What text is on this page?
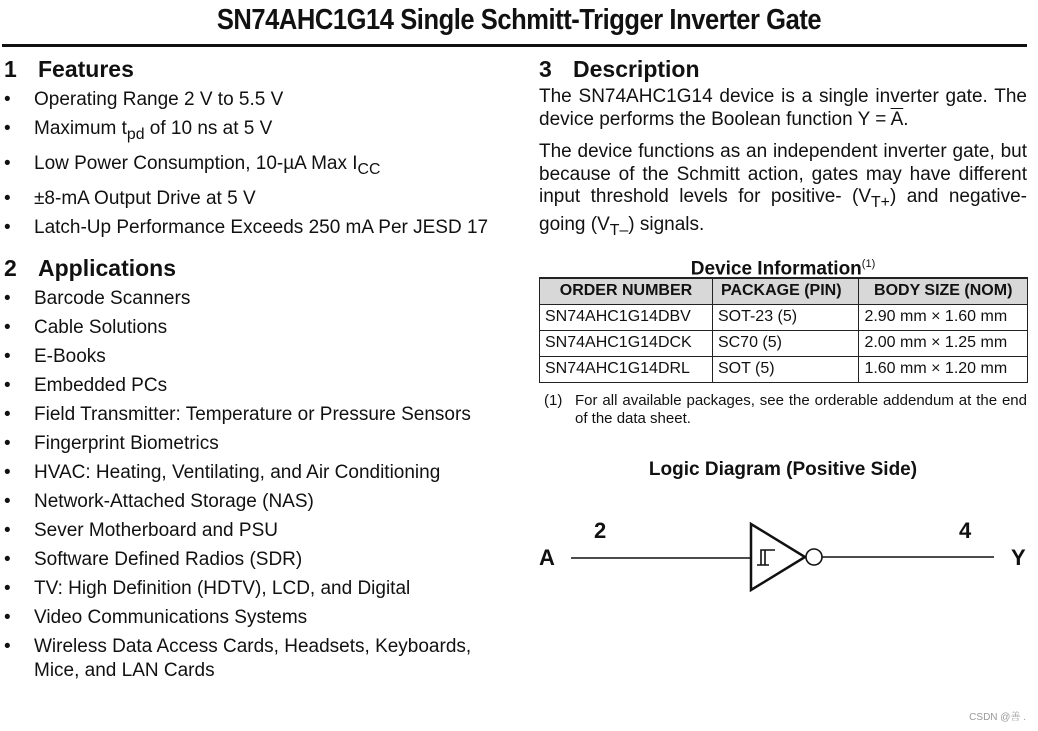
SN74AHC1G14 Single Schmitt-Trigger Inverter Gate
1 Features
• Operating Range 2 V to 5.5 V
• Maximum $t_{pd}$ of 10 ns at 5 V
• Low Power Consumption, 10-µA Max $I_{CC}$
• ±8-mA Output Drive at 5 V
• Latch-Up Performance Exceeds 250 mA Per JESD 17
2 Applications
• Barcode Scanners
• Cable Solutions
• E-Books
• Embedded PCs
• Field Transmitter: Temperature or Pressure Sensors
• Fingerprint Biometrics
• HVAC: Heating, Ventilating, and Air Conditioning
• Network-Attached Storage (NAS)
• Sever Motherboard and PSU
• Software Defined Radios (SDR)
• TV: High Definition (HDTV), LCD, and Digital
• Video Communications Systems
• Wireless Data Access Cards, Headsets, Keyboards, Mice, and LAN Cards
3 Description

The SN74AHC1G14 device is a single inverter gate. The device performs the Boolean function $Y = \overline{A}$.

The device functions as an independent inverter gate, but because of the Schmitt action, gates may have different input threshold levels for positive- $(V_{T+})$ and negative-going $(V_{T-})$ signals.

Device Information$^{(1)}$
ORDER NUMBER	PACKAGE (PIN)	BODY SIZE (NOM)
SN74AHC1G14DBV	SOT-23 (5)	2.90 mm × 1.60 mm
SN74AHC1G14DCK	SC70 (5)	2.00 mm × 1.25 mm
SN74AHC1G14DRL	SOT (5)	1.60 mm × 1.20 mm
(1) For all available packages, see the orderable addendum at the end of the data sheet.
Logic Diagram (Positive Side)
A
2	4
Y
CSDN @善 .
